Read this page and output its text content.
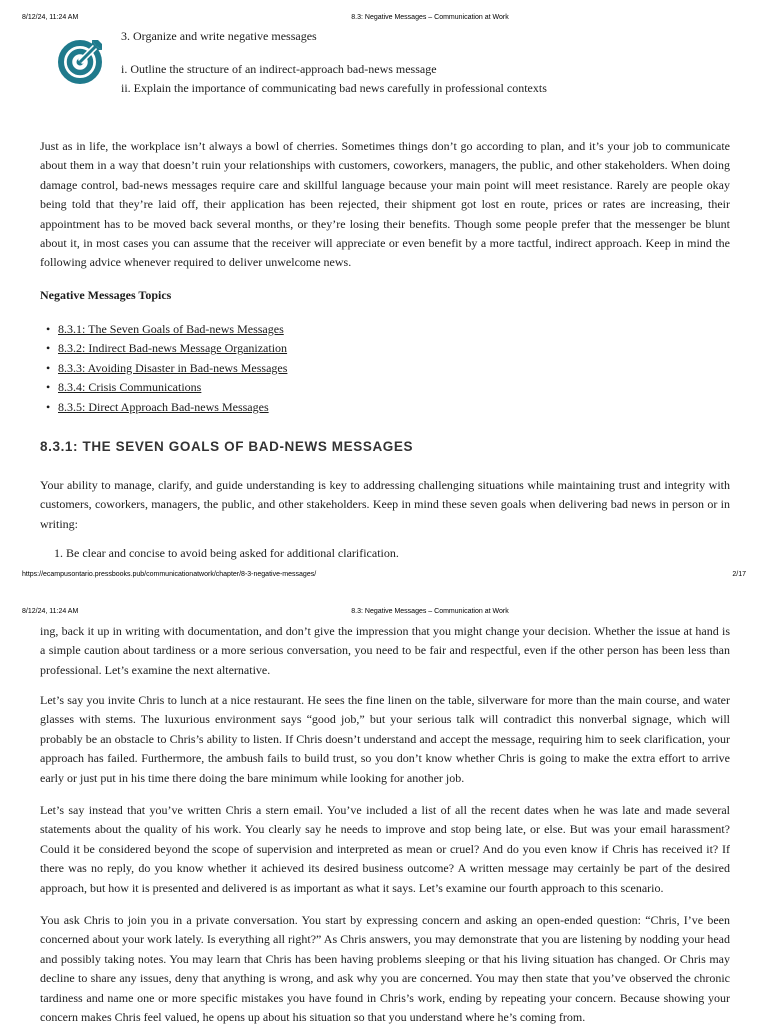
8/12/24, 11:24 AM	8.3: Negative Messages – Communication at Work
3. Organize and write negative messages
i. Outline the structure of an indirect-approach bad-news message
ii. Explain the importance of communicating bad news carefully in professional contexts

Just as in life, the workplace isn’t always a bowl of cherries. Sometimes things don’t go according to plan, and it’s your job to communicate about them in a way that doesn’t ruin your relationships with customers, coworkers, managers, the public, and other stakeholders. When doing damage control, bad-news messages require care and skillful language because your main point will meet resistance. Rarely are people okay being told that they’re laid off, their application has been rejected, their shipment got lost en route, prices or rates are increasing, their appointment has to be moved back several months, or they’re losing their benefits. Though some people prefer that the messenger be blunt about it, in most cases you can assume that the receiver will appreciate or even benefit by a more tactful, indirect approach. Keep in mind the following advice whenever required to deliver unwelcome news.

Negative Messages Topics
• 8.3.1: The Seven Goals of Bad-news Messages
• 8.3.2: Indirect Bad-news Message Organization
• 8.3.3: Avoiding Disaster in Bad-news Messages
• 8.3.4: Crisis Communications
• 8.3.5: Direct Approach Bad-news Messages
8.3.1: THE SEVEN GOALS OF BAD-NEWS MESSAGES

Your ability to manage, clarify, and guide understanding is key to addressing challenging situations while maintaining trust and integrity with customers, coworkers, managers, the public, and other stakeholders. Keep in mind these seven goals when delivering bad news in person or in writing:

1. Be clear and concise to avoid being asked for additional clarification.
https://ecampusontario.pressbooks.pub/communicationatwork/chapter/8-3-negative-messages/	2/17
8/12/24, 11:24 AM	8.3: Negative Messages – Communication at Work

ing, back it up in writing with documentation, and don’t give the impression that you might change your decision. Whether the issue at hand is a simple caution about tardiness or a more serious conversation, you need to be fair and respectful, even if the other person has been less than professional. Let’s examine the next alternative.

Let’s say you invite Chris to lunch at a nice restaurant. He sees the fine linen on the table, silverware for more than the main course, and water glasses with stems. The luxurious environment says “good job,” but your serious talk will contradict this nonverbal signage, which will probably be an obstacle to Chris’s ability to listen. If Chris doesn’t understand and accept the message, requiring him to seek clarification, your approach has failed. Furthermore, the ambush fails to build trust, so you don’t know whether Chris is going to make the extra effort to arrive early or just put in his time there doing the bare minimum while looking for another job.

Let’s say instead that you’ve written Chris a stern email. You’ve included a list of all the recent dates when he was late and made several statements about the quality of his work. You clearly say he needs to improve and stop being late, or else. But was your email harassment? Could it be considered beyond the scope of supervision and interpreted as mean or cruel? And do you even know if Chris has received it? If there was no reply, do you know whether it achieved its desired business outcome? A written message may certainly be part of the desired approach, but how it is presented and delivered is as important as what it says. Let’s examine our fourth approach to this scenario.

You ask Chris to join you in a private conversation. You start by expressing concern and asking an open-ended question: “Chris, I’ve been concerned about your work lately. Is everything all right?” As Chris answers, you may demonstrate that you are listening by nodding your head and possibly taking notes. You may learn that Chris has been having problems sleeping or that his living situation has changed. Or Chris may decline to share any issues, deny that anything is wrong, and ask why you are concerned. You may then state that you’ve observed the chronic tardiness and name one or more specific mistakes you have found in Chris’s work, ending by repeating your concern. Because showing your concern makes Chris feel valued, he opens up about his situation so that you understand where he’s coming from.
